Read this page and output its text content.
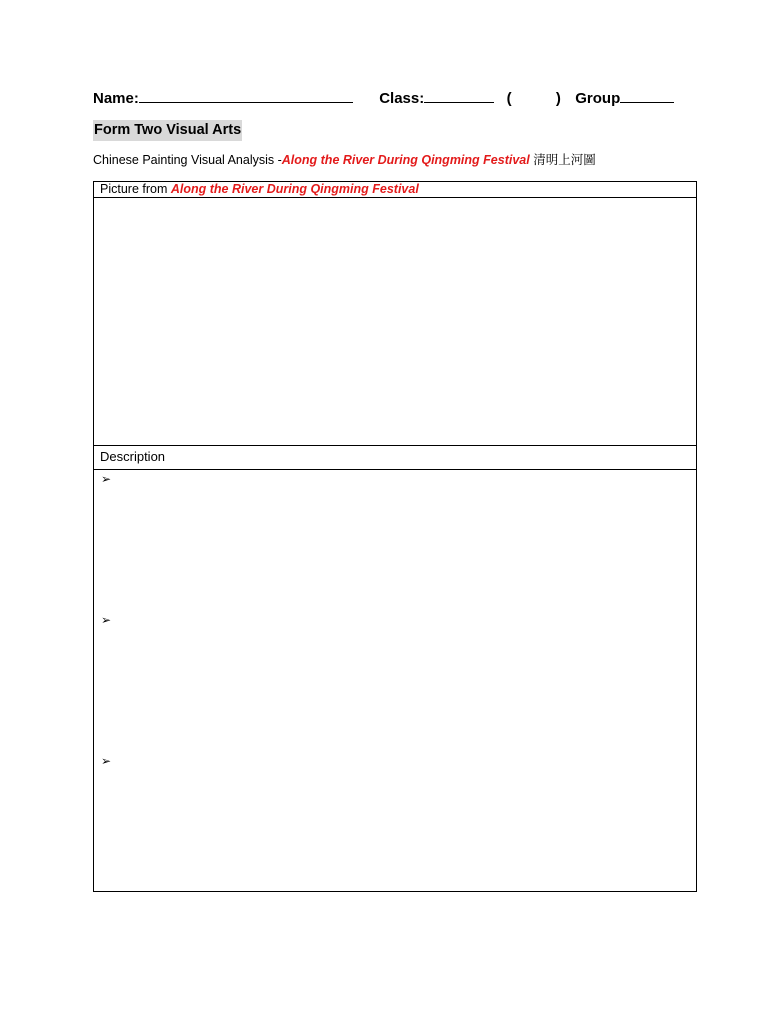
Name:	Class:	(	) Group
Form Two Visual Arts
Chinese Painting Visual Analysis -Along the River During Qingming Festival 清明上河圖
Picture from Along the River During Qingming Festival
Description
➢
➢
➢
